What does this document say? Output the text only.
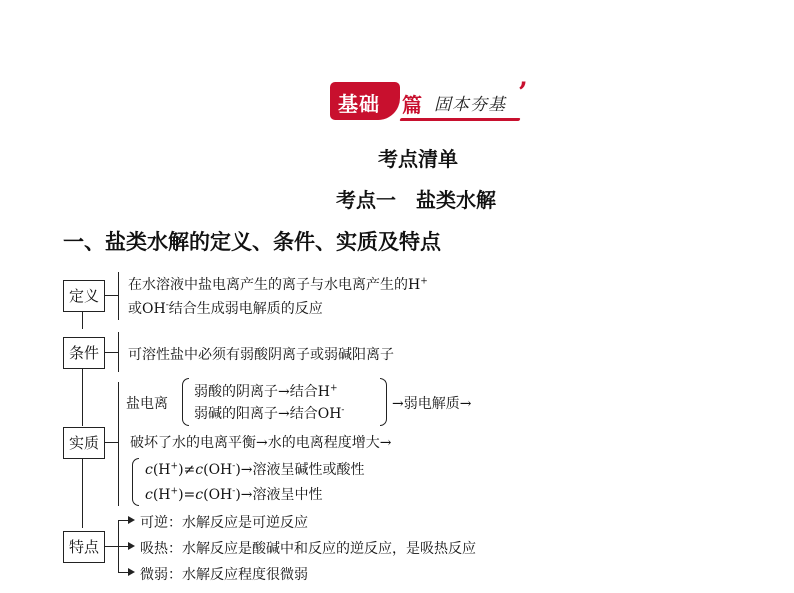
基础 篇 固本夯基 ’
考点清单
考点一　盐类水解
一、盐类水解的定义、条件、实质及特点
定义
在水溶液中盐电离产生的离子与水电离产生的H+
或OH-结合生成弱电解质的反应
条件	可溶性盐中必须有弱酸阴离子或弱碱阳离子
实质
盐电离
弱酸的阴离子→结合H+
弱碱的阳离子→结合OH-	→弱电解质→
破坏了水的电离平衡→水的电离程度增大→
c(H+)≠c(OH-)→溶液呈碱性或酸性
c(H+)=c(OH-)→溶液呈中性
特点
可逆：水解反应是可逆反应
吸热：水解反应是酸碱中和反应的逆反应，是吸热反应
微弱：水解反应程度很微弱
